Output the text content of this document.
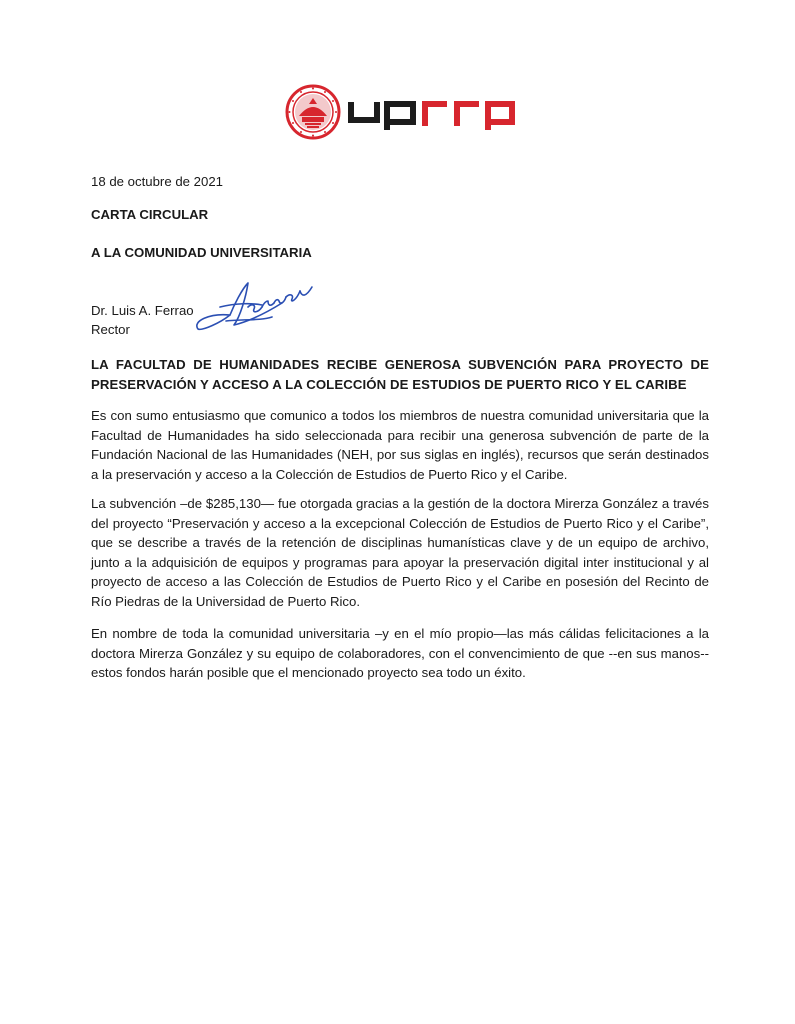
18 de octubre de 2021
CARTA CIRCULAR
A LA COMUNIDAD UNIVERSITARIA
Dr. Luis A. Ferrao
Rector
LA FACULTAD DE HUMANIDADES RECIBE GENEROSA SUBVENCIÓN PARA PROYECTO DE PRESERVACIÓN Y ACCESO A LA COLECCIÓN DE ESTUDIOS DE PUERTO RICO Y EL CARIBE
Es con sumo entusiasmo que comunico a todos los miembros de nuestra comunidad universitaria que la Facultad de Humanidades ha sido seleccionada para recibir una generosa subvención de parte de la Fundación Nacional de las Humanidades (NEH, por sus siglas en inglés), recursos que serán destinados a la preservación y acceso a la Colección de Estudios de Puerto Rico y el Caribe.
La subvención –de $285,130— fue otorgada gracias a la gestión de la doctora Mirerza González a través del proyecto “Preservación y acceso a la excepcional Colección de Estudios de Puerto Rico y el Caribe”, que se describe a través de la retención de disciplinas humanísticas clave y de un equipo de archivo, junto a la adquisición de equipos y programas para apoyar la preservación digital inter institucional y al proyecto de acceso a las Colección de Estudios de Puerto Rico y el Caribe en posesión del Recinto de Río Piedras de la Universidad de Puerto Rico.
En nombre de toda la comunidad universitaria –y en el mío propio—las más cálidas felicitaciones a la doctora Mirerza González y su equipo de colaboradores, con el convencimiento de que --en sus manos-- estos fondos harán posible que el mencionado proyecto sea todo un éxito.
